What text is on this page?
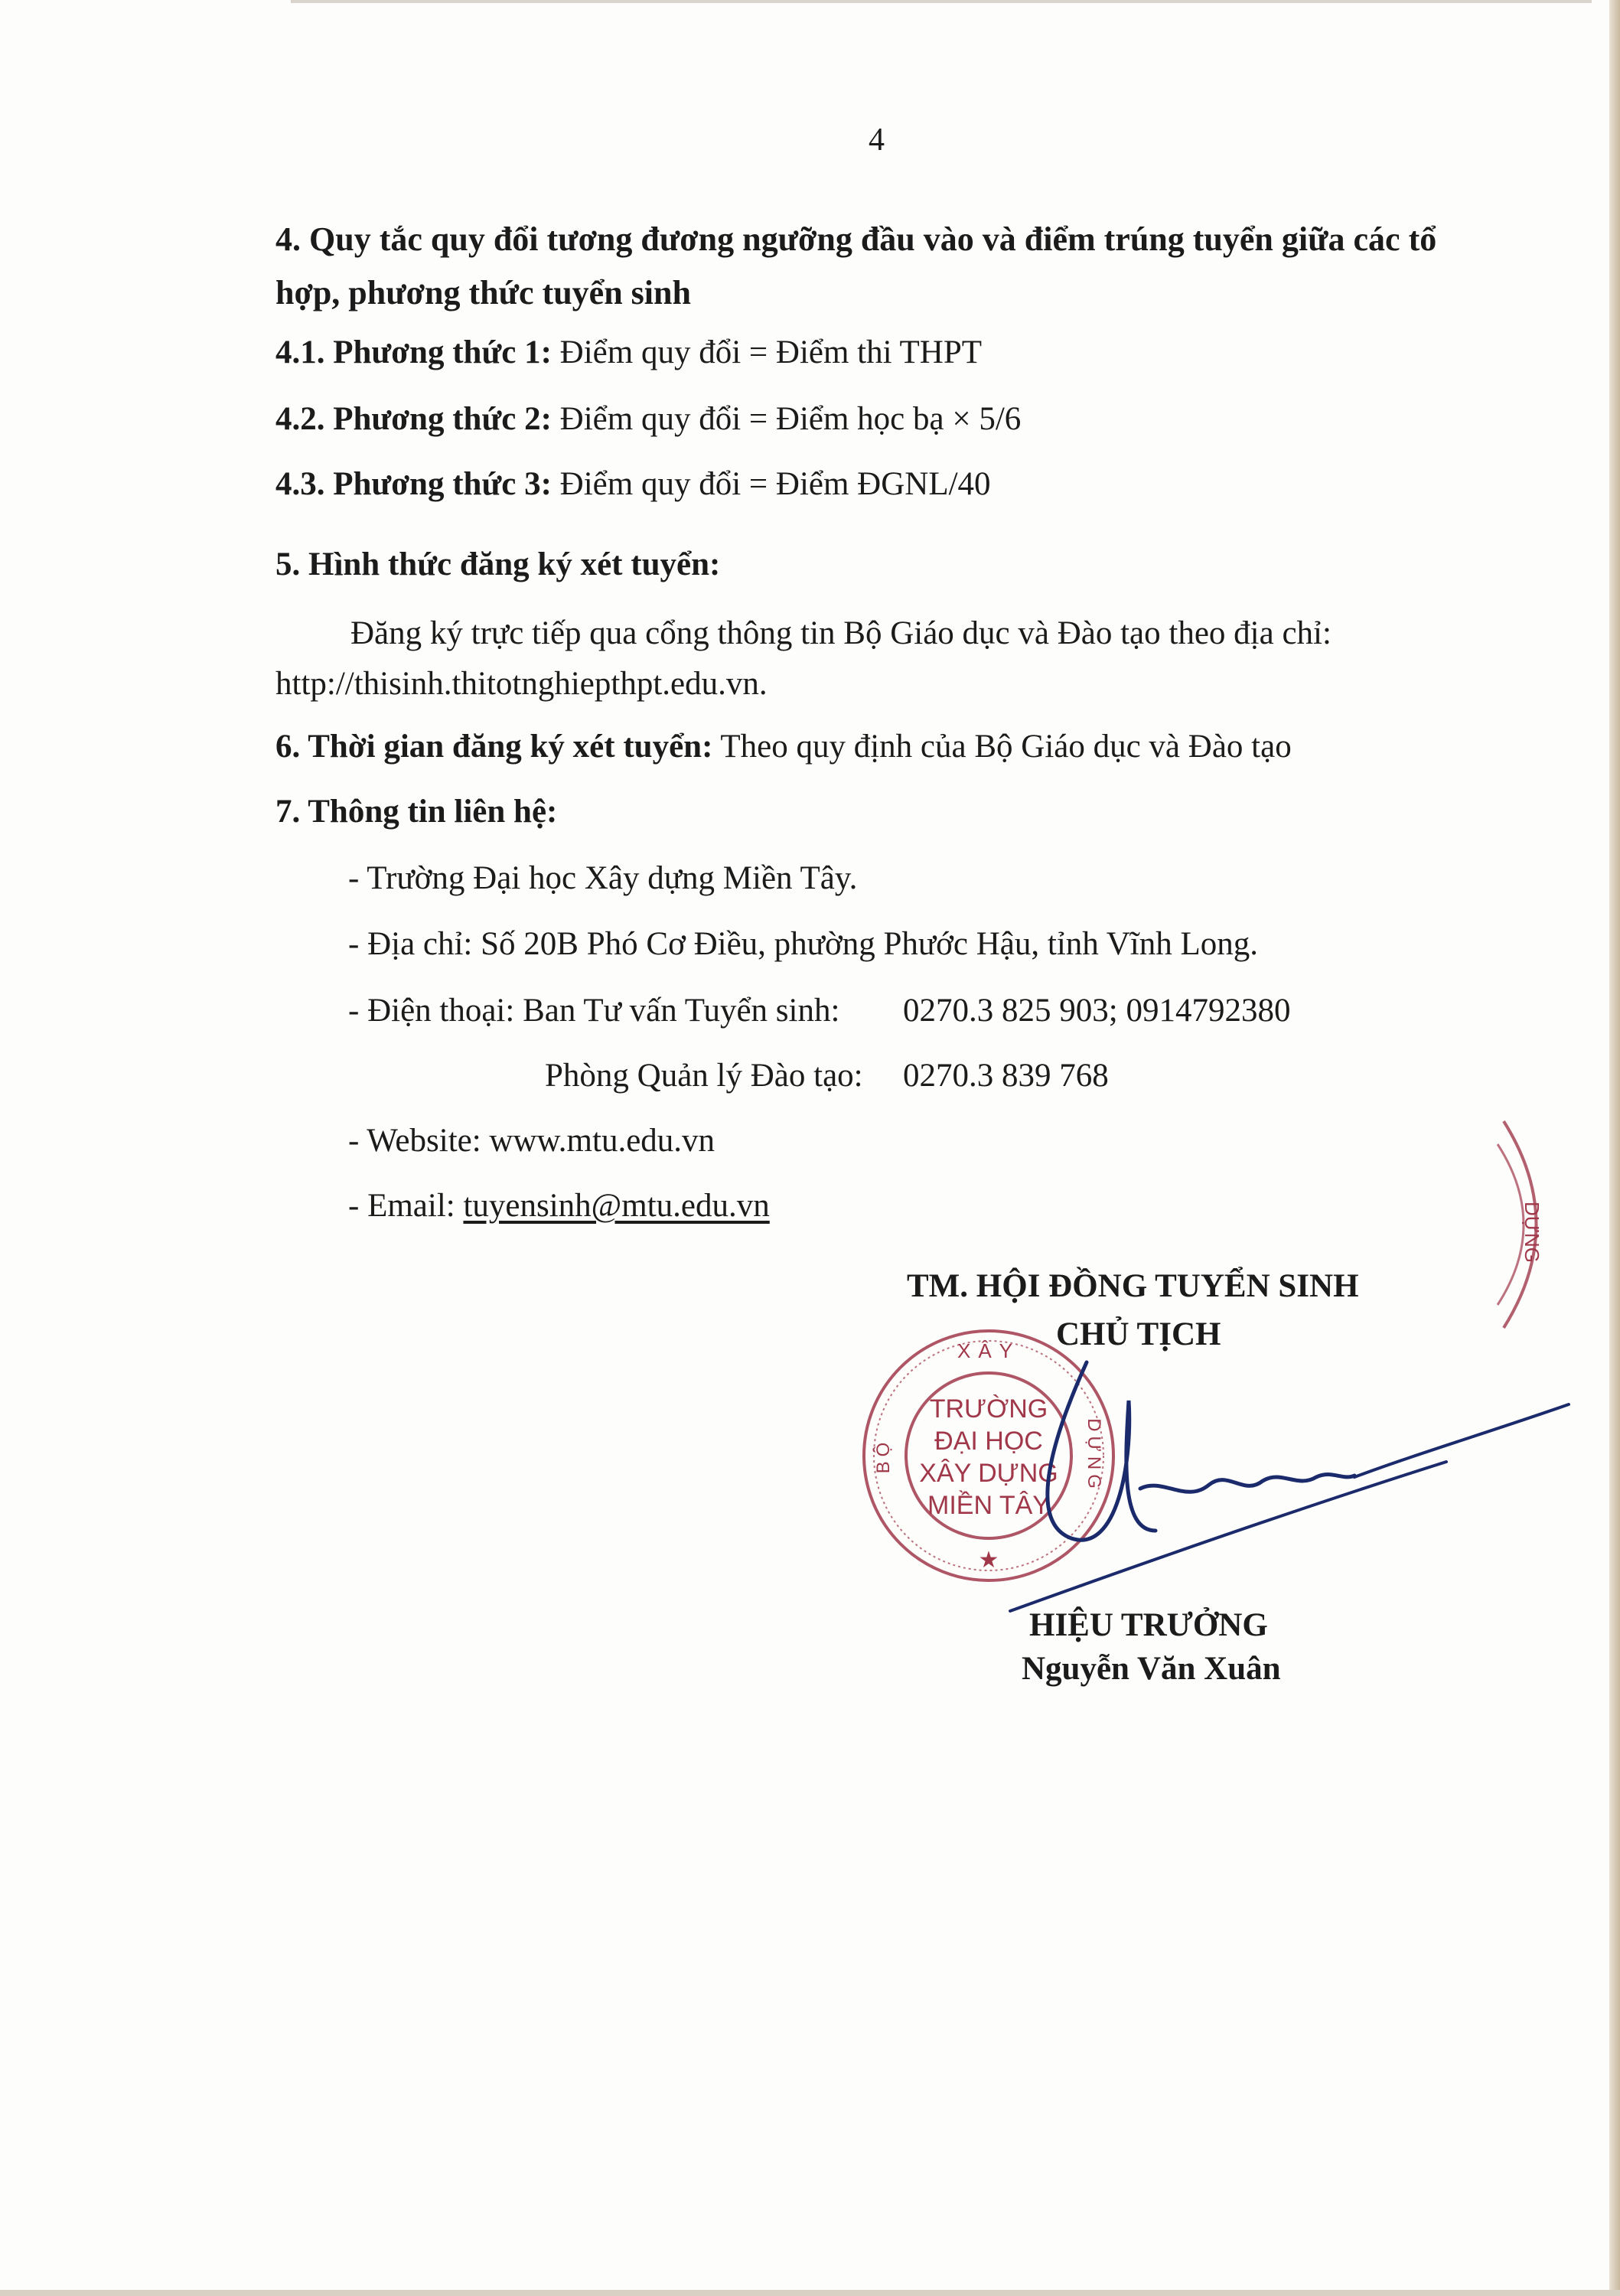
4
4. Quy tắc quy đổi tương đương ngưỡng đầu vào và điểm trúng tuyển giữa các tổ hợp, phương thức tuyển sinh
4.1. Phương thức 1: Điểm quy đổi = Điểm thi THPT
4.2. Phương thức 2: Điểm quy đổi = Điểm học bạ × 5/6
4.3. Phương thức 3: Điểm quy đổi = Điểm ĐGNL/40
5. Hình thức đăng ký xét tuyển:
Đăng ký trực tiếp qua cổng thông tin Bộ Giáo dục và Đào tạo theo địa chỉ: http://thisinh.thitotnghiepthpt.edu.vn.
6. Thời gian đăng ký xét tuyển: Theo quy định của Bộ Giáo dục và Đào tạo
7. Thông tin liên hệ:
- Trường Đại học Xây dựng Miền Tây.
- Địa chỉ: Số 20B Phó Cơ Điều, phường Phước Hậu, tỉnh Vĩnh Long.
- Điện thoại: Ban Tư vấn Tuyển sinh: 0270.3 825 903; 0914792380
Phòng Quản lý Đào tạo: 0270.3 839 768
- Website: www.mtu.edu.vn
- Email: tuyensinh@mtu.edu.vn
TM. HỘI ĐỒNG TUYỂN SINH
CHỦ TỊCH
DỰNG
XÂY
DỰNG
BỘ
TRƯỜNG
ĐẠI HỌC
XÂY DỰNG
MIỀN TÂY
★
HIỆU TRƯỞNG
Nguyễn Văn Xuân
